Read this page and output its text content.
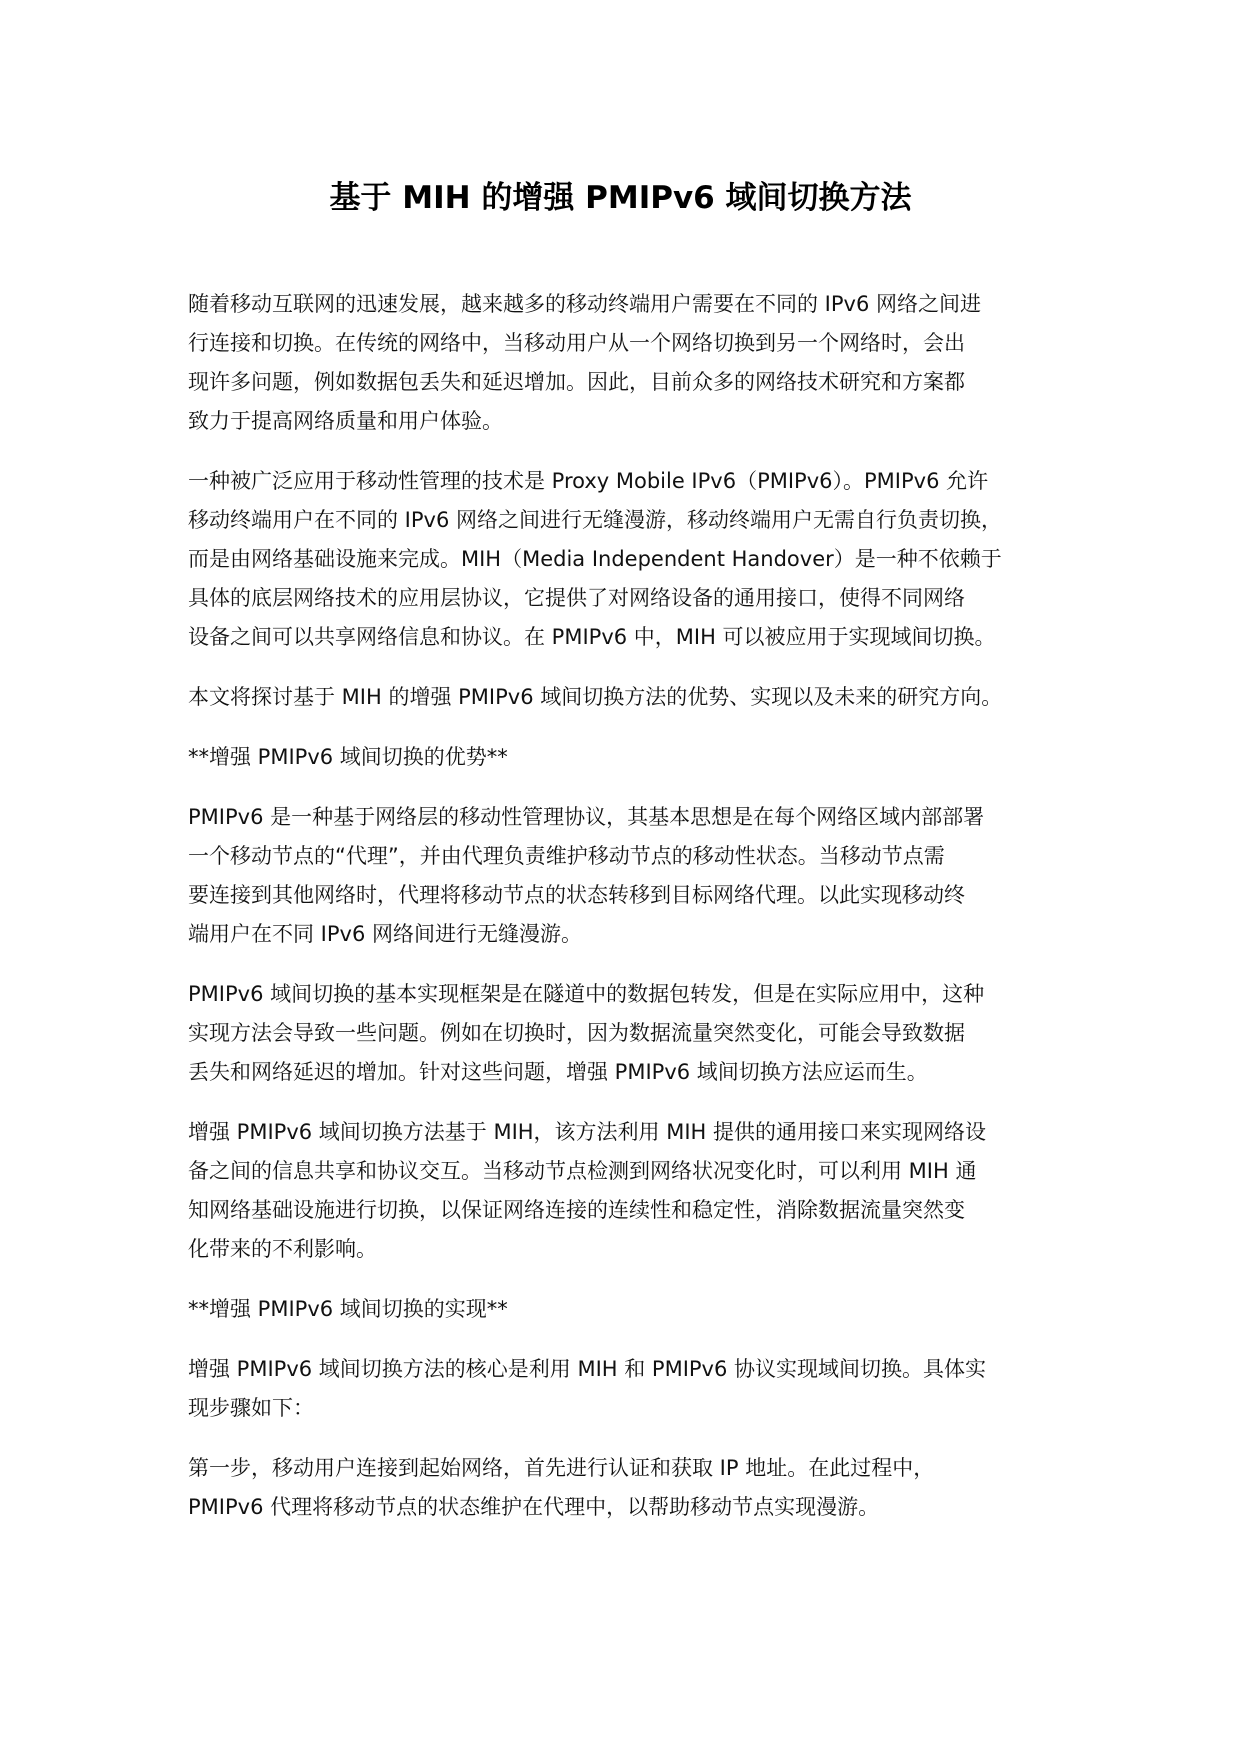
基于 MIH 的增强 PMIPv6 域间切换方法

随着移动互联网的迅速发展，越来越多的移动终端用户需要在不同的 IPv6 网络之间进
行连接和切换。在传统的网络中，当移动用户从一个网络切换到另一个网络时，会出
现许多问题，例如数据包丢失和延迟增加。因此，目前众多的网络技术研究和方案都
致力于提高网络质量和用户体验。

一种被广泛应用于移动性管理的技术是 Proxy Mobile IPv6（PMIPv6）。PMIPv6 允许
移动终端用户在不同的 IPv6 网络之间进行无缝漫游，移动终端用户无需自行负责切换，
而是由网络基础设施来完成。MIH（Media Independent Handover）是一种不依赖于
具体的底层网络技术的应用层协议，它提供了对网络设备的通用接口，使得不同网络
设备之间可以共享网络信息和协议。在 PMIPv6 中，MIH 可以被应用于实现域间切换。

本文将探讨基于 MIH 的增强 PMIPv6 域间切换方法的优势、实现以及未来的研究方向。

**增强 PMIPv6 域间切换的优势**

PMIPv6 是一种基于网络层的移动性管理协议，其基本思想是在每个网络区域内部部署
一个移动节点的“代理”，并由代理负责维护移动节点的移动性状态。当移动节点需
要连接到其他网络时，代理将移动节点的状态转移到目标网络代理。以此实现移动终
端用户在不同 IPv6 网络间进行无缝漫游。

PMIPv6 域间切换的基本实现框架是在隧道中的数据包转发，但是在实际应用中，这种
实现方法会导致一些问题。例如在切换时，因为数据流量突然变化，可能会导致数据
丢失和网络延迟的增加。针对这些问题，增强 PMIPv6 域间切换方法应运而生。

增强 PMIPv6 域间切换方法基于 MIH，该方法利用 MIH 提供的通用接口来实现网络设
备之间的信息共享和协议交互。当移动节点检测到网络状况变化时，可以利用 MIH 通
知网络基础设施进行切换，以保证网络连接的连续性和稳定性，消除数据流量突然变
化带来的不利影响。

**增强 PMIPv6 域间切换的实现**

增强 PMIPv6 域间切换方法的核心是利用 MIH 和 PMIPv6 协议实现域间切换。具体实
现步骤如下：

第一步，移动用户连接到起始网络，首先进行认证和获取 IP 地址。在此过程中，
PMIPv6 代理将移动节点的状态维护在代理中，以帮助移动节点实现漫游。
